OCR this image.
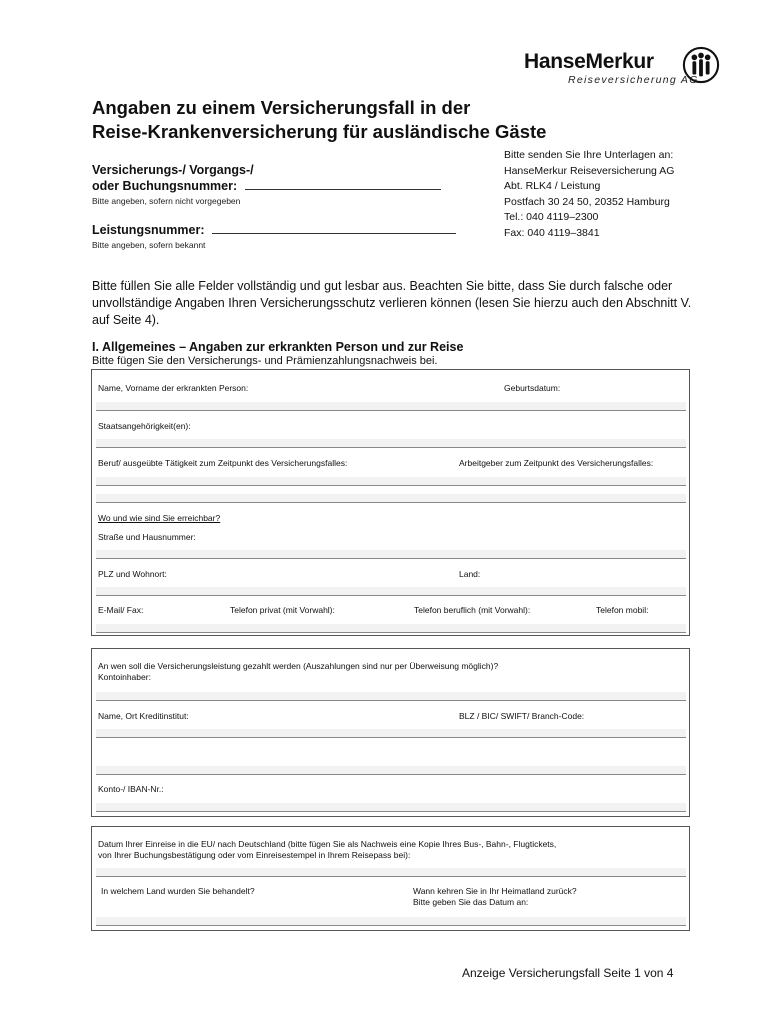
HanseMerkur
Reiseversicherung AG
Angaben zu einem Versicherungsfall in der
Reise-Krankenversicherung für ausländische Gäste
Versicherungs-/ Vorgangs-/
oder Buchungsnummer:
Bitte angeben, sofern nicht vorgegeben
Leistungsnummer:
Bitte angeben, sofern bekannt
Bitte senden Sie Ihre Unterlagen an:
HanseMerkur Reiseversicherung AG
Abt. RLK4 / Leistung
Postfach 30 24 50, 20352 Hamburg
Tel.: 040 4119–2300
Fax: 040 4119–3841
Bitte füllen Sie alle Felder vollständig und gut lesbar aus. Beachten Sie bitte, dass Sie durch falsche oder unvollständige Angaben Ihren Versicherungsschutz verlieren können (lesen Sie hierzu auch den Abschnitt V. auf Seite 4).
I. Allgemeines – Angaben zur erkrankten Person und zur Reise
Bitte fügen Sie den Versicherungs- und Prämienzahlungsnachweis bei.
Name, Vorname der erkrankten Person:	Geburtsdatum:
Staatsangehörigkeit(en):
Beruf/ ausgeübte Tätigkeit zum Zeitpunkt des Versicherungsfalles:	Arbeitgeber zum Zeitpunkt des Versicherungsfalles:
Wo und wie sind Sie erreichbar?
Straße und Hausnummer:
PLZ und Wohnort:	Land:
E-Mail/ Fax:	Telefon privat (mit Vorwahl):	Telefon beruflich (mit Vorwahl):	Telefon mobil:
An wen soll die Versicherungsleistung gezahlt werden (Auszahlungen sind nur per Überweisung möglich)?
Kontoinhaber:
Name, Ort Kreditinstitut:	BLZ / BIC/ SWIFT/ Branch-Code:
Konto-/ IBAN-Nr.:
Datum Ihrer Einreise in die EU/ nach Deutschland (bitte fügen Sie als Nachweis eine Kopie Ihres Bus-, Bahn-, Flugtickets,
von Ihrer Buchungsbestätigung oder vom Einreisestempel in Ihrem Reisepass bei):
In welchem Land wurden Sie behandelt?	Wann kehren Sie in Ihr Heimatland zurück?
Bitte geben Sie das Datum an:
Anzeige Versicherungsfall Seite 1 von 4
